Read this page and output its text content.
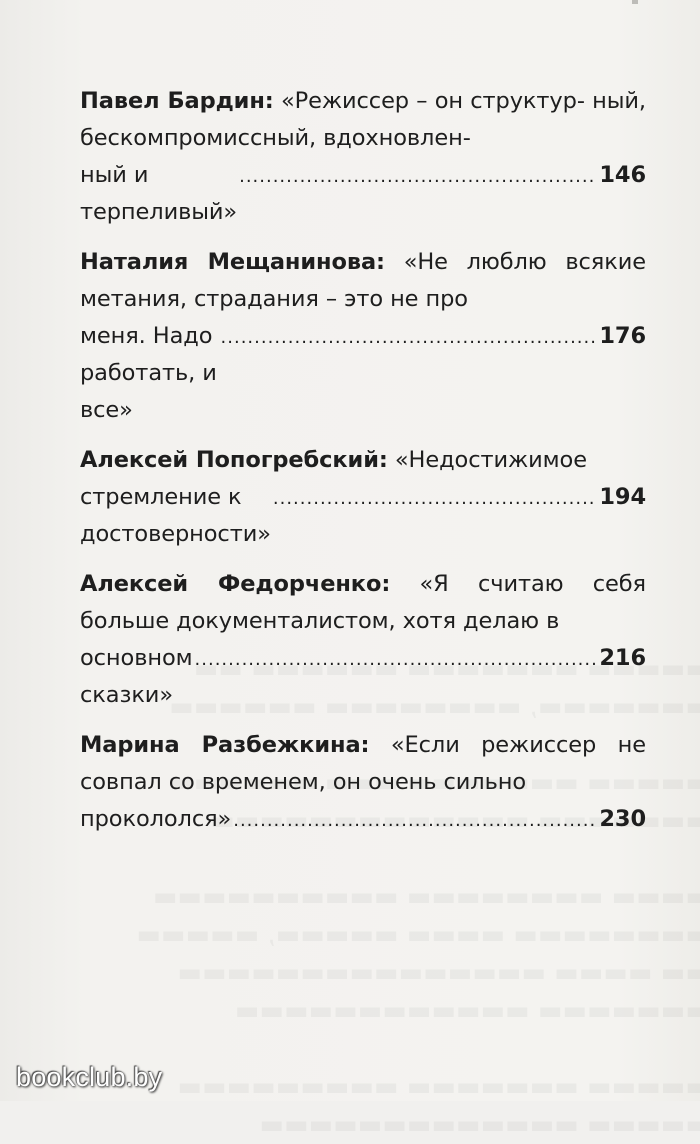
Павел Бардин: «Режиссер – он структур- ный, бескомпромиссный, вдохновлен-
ный и терпеливый»
.....
146
Наталия Мещанинова: «Не люблю всякие метания, страдания – это не про
меня. Надо работать, и все»
.....
176
Алексей Попогребский: «Недостижимое
стремление к достоверности»
.....
194
Алексей Федорченко: «Я считаю себя больше документалистом, хотя делаю в
основном сказки»
.....
216
Марина Разбежкина: «Если режиссер не совпал со временем, он очень сильно
прокололся»
.....	230
bookclub.by
